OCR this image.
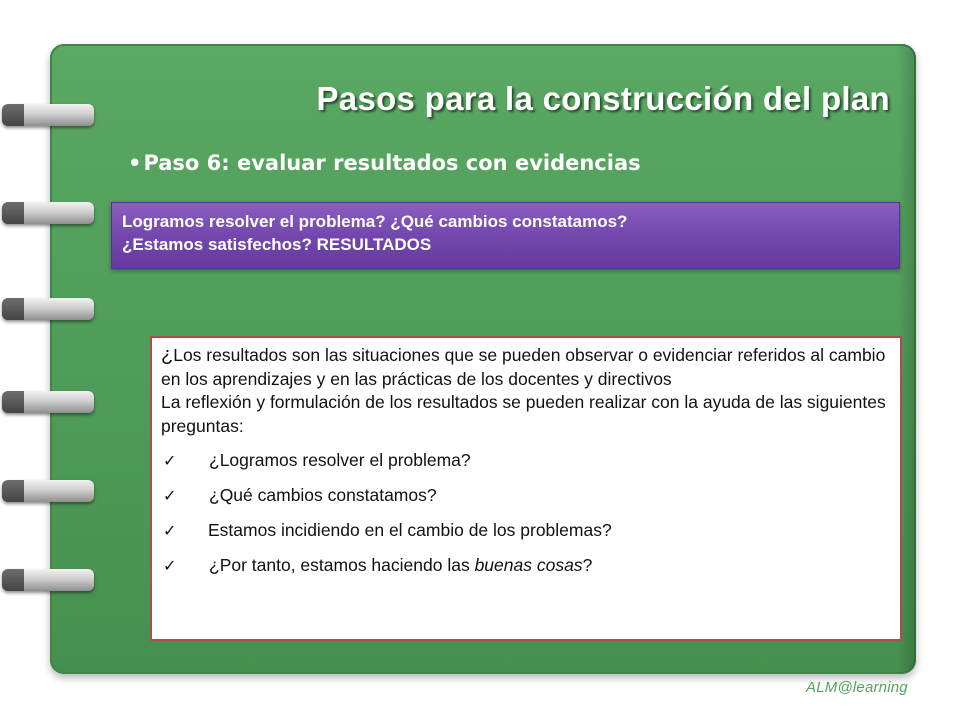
Pasos para la construcción del plan

•Paso 6: evaluar resultados con evidencias

Logramos resolver el problema? ¿Qué cambios constatamos?
¿Estamos satisfechos? RESULTADOS

¿Los resultados son las situaciones que se pueden observar o evidenciar referidos al cambio en los aprendizajes y en las prácticas de los docentes y directivos

La reflexión y formulación de los resultados se pueden realizar con la ayuda de las siguientes preguntas:

✓ ¿Logramos resolver el problema?
✓ ¿Qué cambios constatamos?
✓ Estamos incidiendo en el cambio de los problemas?
✓ ¿Por tanto, estamos haciendo las buenas cosas?
ALM@learning
